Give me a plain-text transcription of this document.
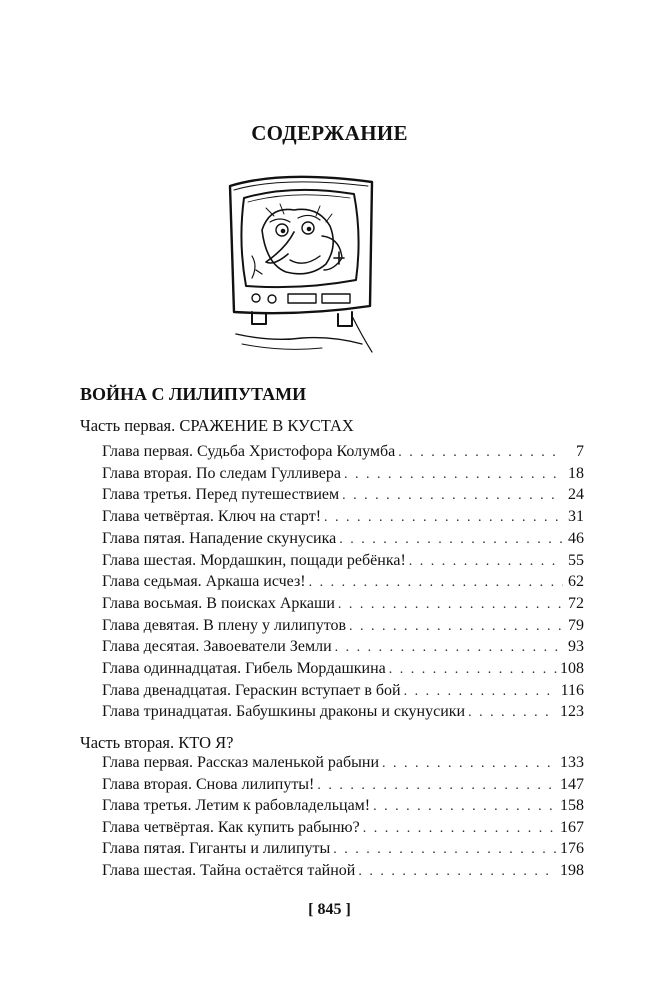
СОДЕРЖАНИЕ
ВОЙНА С ЛИЛИПУТАМИ
Часть первая. СРАЖЕНИЕ В КУСТАХ
Глава первая. Судьба Христофора Колумба . . .	7
Глава вторая. По следам Гулливера . . .	18
Глава третья. Перед путешествием . . .	24
Глава четвёртая. Ключ на старт! . . .	31
Глава пятая. Нападение скунусика . . .	46
Глава шестая. Мордашкин, пощади ребёнка! . . .	55
Глава седьмая. Аркаша исчез! . . .	62
Глава восьмая. В поисках Аркаши . . .	72
Глава девятая. В плену у лилипутов . . .	79
Глава десятая. Завоеватели Земли . . .	93
Глава одиннадцатая. Гибель Мордашкина . . .	108
Глава двенадцатая. Гераскин вступает в бой . . .	116
Глава тринадцатая. Бабушкины драконы и скунусики . . .	123
Часть вторая. КТО Я?
Глава первая. Рассказ маленькой рабыни . . .	133
Глава вторая. Снова лилипуты! . . .	147
Глава третья. Летим к рабовладельцам! . . .	158
Глава четвёртая. Как купить рабыню? . . .	167
Глава пятая. Гиганты и лилипуты . . .	176
Глава шестая. Тайна остаётся тайной . . .	198
[ 845 ]
